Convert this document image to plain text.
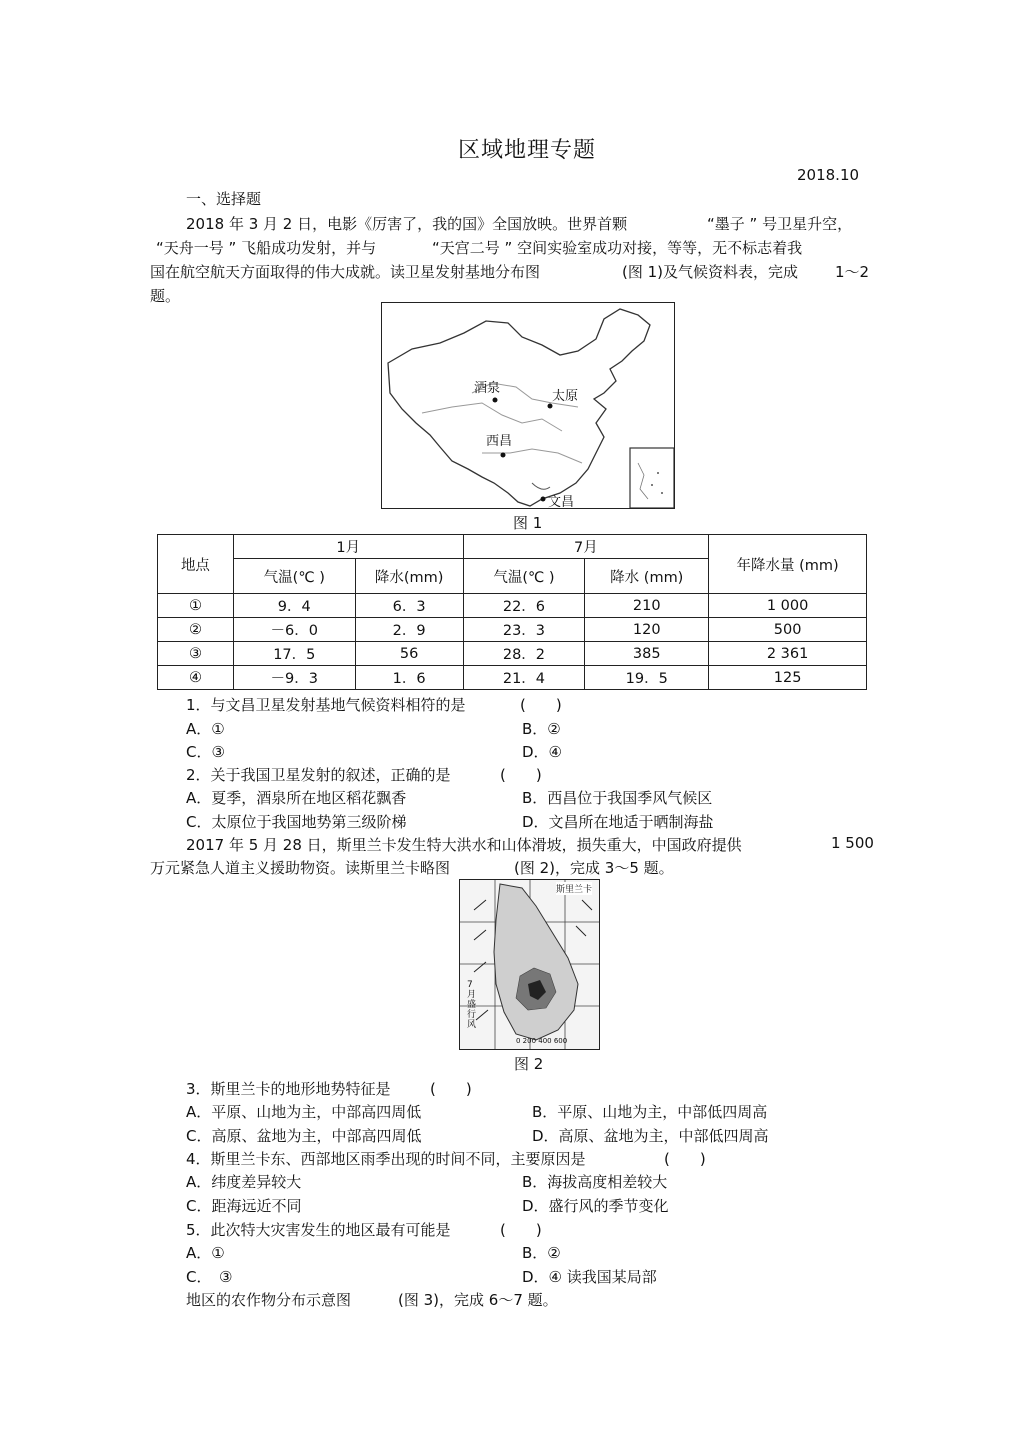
区域地理专题
2018.10
一、选择题
2018 年 3 月 2 日，电影《厉害了，我的国》全国放映。世界首颗	“墨子 ” 号卫星升空，
“天舟一号 ” 飞船成功发射，并与	“天宫二号 ” 空间实验室成功对接，等等，无不标志着我
国在航空航天方面取得的伟大成就。读卫星发射基地分布图	(图 1)及气候资料表，完成 1～2
题。
酒泉
太原
西昌
文昌
图 1
地点	1月		7月		年降水量 (mm)
	气温(℃ )	降水(mm)	气温(℃ )	降水 (mm)	
①	9．4	6．3	22．6	210	1 000
②	－6．0	2．9	23．3	120	500
③	17．5	56	28．2	385	2 361
④	－9．3	1．6	21．4	19．5	125
1．与文昌卫星发射基地气候资料相符的是	(　　)
A．①	B．②
C．③	D．④
2．关于我国卫星发射的叙述，正确的是	(　　)
A．夏季，酒泉所在地区稻花飘香	B．西昌位于我国季风气候区
C．太原位于我国地势第三级阶梯	D．文昌所在地适于晒制海盐
2017 年 5 月 28 日，斯里兰卡发生特大洪水和山体滑坡，损失重大，中国政府提供	1 500
万元紧急人道主义援助物资。读斯里兰卡略图	(图 2)，完成 3～5 题。
斯里兰卡
7月盛行风
0 200 400 600
图 2
3．斯里兰卡的地形地势特征是	(　　)
A．平原、山地为主，中部高四周低	B．平原、山地为主，中部低四周高
C．高原、盆地为主，中部高四周低	D．高原、盆地为主，中部低四周高
4．斯里兰卡东、西部地区雨季出现的时间不同，主要原因是	(　　)
A．纬度差异较大	B．海拔高度相差较大
C．距海远近不同	D．盛行风的季节变化
5．此次特大灾害发生的地区最有可能是	(　　)
A．①	B．②
C．　③	D．④ 读我国某局部
地区的农作物分布示意图	(图 3)，完成 6～7 题。
